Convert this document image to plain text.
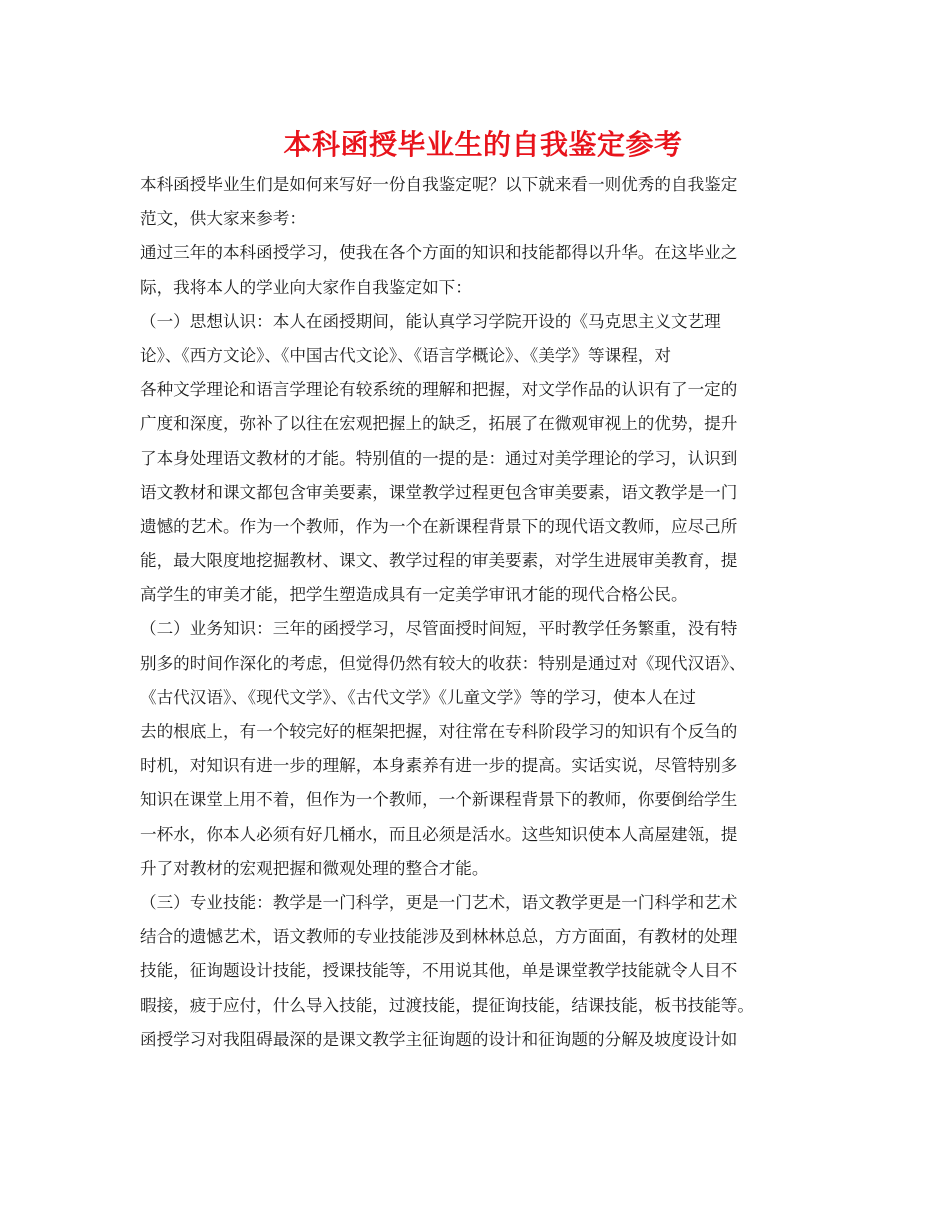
本科函授毕业生的自我鉴定参考
本科函授毕业生们是如何来写好一份自我鉴定呢？以下就来看一则优秀的自我鉴定
范文，供大家来参考：
通过三年的本科函授学习，使我在各个方面的知识和技能都得以升华。在这毕业之
际，我将本人的学业向大家作自我鉴定如下：
（一）思想认识：本人在函授期间，能认真学习学院开设的《马克思主义文艺理
论》、《西方文论》、《中国古代文论》、《语言学概论》、《美学》等课程，对
各种文学理论和语言学理论有较系统的理解和把握，对文学作品的认识有了一定的
广度和深度，弥补了以往在宏观把握上的缺乏，拓展了在微观审视上的优势，提升
了本身处理语文教材的才能。特别值的一提的是：通过对美学理论的学习，认识到
语文教材和课文都包含审美要素，课堂教学过程更包含审美要素，语文教学是一门
遗憾的艺术。作为一个教师，作为一个在新课程背景下的现代语文教师，应尽己所
能，最大限度地挖掘教材、课文、教学过程的审美要素，对学生进展审美教育，提
高学生的审美才能，把学生塑造成具有一定美学审讯才能的现代合格公民。
（二）业务知识：三年的函授学习，尽管面授时间短，平时教学任务繁重，没有特
别多的时间作深化的考虑，但觉得仍然有较大的收获：特别是通过对《现代汉语》、
《古代汉语》、《现代文学》、《古代文学》《儿童文学》等的学习，使本人在过
去的根底上，有一个较完好的框架把握，对往常在专科阶段学习的知识有个反刍的
时机，对知识有进一步的理解，本身素养有进一步的提高。实话实说，尽管特别多
知识在课堂上用不着，但作为一个教师，一个新课程背景下的教师，你要倒给学生
一杯水，你本人必须有好几桶水，而且必须是活水。这些知识使本人高屋建瓴，提
升了对教材的宏观把握和微观处理的整合才能。
（三）专业技能：教学是一门科学，更是一门艺术，语文教学更是一门科学和艺术
结合的遗憾艺术，语文教师的专业技能涉及到林林总总，方方面面，有教材的处理
技能，征询题设计技能，授课技能等，不用说其他，单是课堂教学技能就令人目不
暇接，疲于应付，什么导入技能，过渡技能，提征询技能，结课技能，板书技能等。
函授学习对我阻碍最深的是课文教学主征询题的设计和征询题的分解及坡度设计如
